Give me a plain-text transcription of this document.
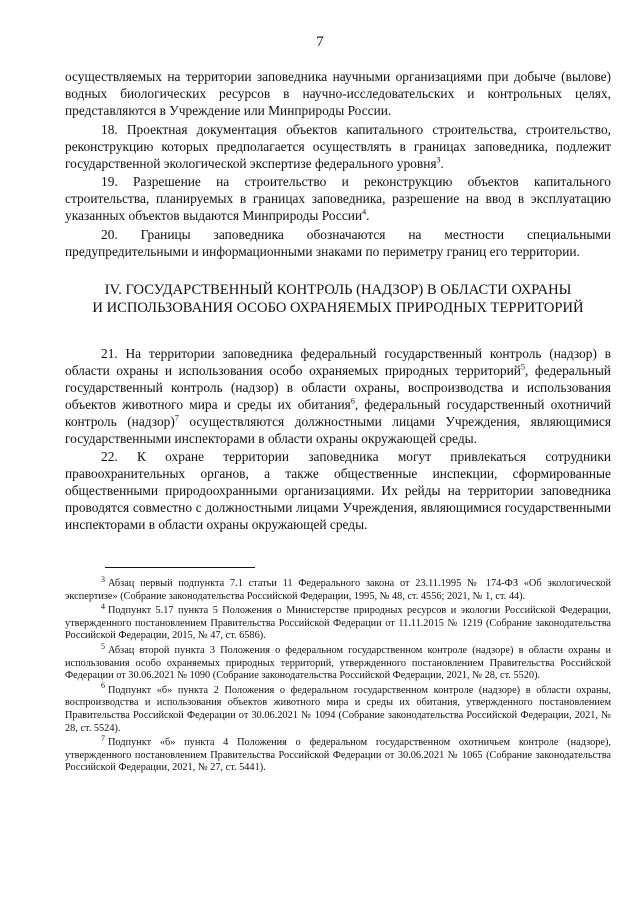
7

осуществляемых на территории заповедника научными организациями при добыче (вылове) водных биологических ресурсов в научно-исследовательских и контрольных целях, представляются в Учреждение или Минприроды России.

18. Проектная документация объектов капитального строительства, строительство, реконструкцию которых предполагается осуществлять в границах заповедника, подлежит государственной экологической экспертизе федерального уровня$^3$.

19. Разрешение на строительство и реконструкцию объектов капитального строительства, планируемых в границах заповедника, разрешение на ввод в эксплуатацию указанных объектов выдаются Минприроды России$^4$.

20. Границы заповедника обозначаются на местности специальными предупредительными и информационными знаками по периметру границ его территории.

IV. ГОСУДАРСТВЕННЫЙ КОНТРОЛЬ (НАДЗОР) В ОБЛАСТИ ОХРАНЫ
И ИСПОЛЬЗОВАНИЯ ОСОБО ОХРАНЯЕМЫХ ПРИРОДНЫХ ТЕРРИТОРИЙ

21. На территории заповедника федеральный государственный контроль (надзор) в области охраны и использования особо охраняемых природных территорий$^5$, федеральный государственный контроль (надзор) в области охраны, воспроизводства и использования объектов животного мира и среды их обитания$^6$, федеральный государственный охотничий контроль (надзор)$^7$ осуществляются должностными лицами Учреждения, являющимися государственными инспекторами в области охраны окружающей среды.

22. К охране территории заповедника могут привлекаться сотрудники правоохранительных органов, а также общественные инспекции, сформированные общественными природоохранными организациями. Их рейды на территории заповедника проводятся совместно с должностными лицами Учреждения, являющимися государственными инспекторами в области охраны окружающей среды.

$^3$ Абзац первый подпункта 7.1 статьи 11 Федерального закона от 23.11.1995 № 174-ФЗ «Об экологической экспертизе» (Собрание законодательства Российской Федерации, 1995, № 48, ст. 4556; 2021, № 1, ст. 44).

$^4$ Подпункт 5.17 пункта 5 Положения о Министерстве природных ресурсов и экологии Российской Федерации, утвержденного постановлением Правительства Российской Федерации от 11.11.2015 № 1219 (Собрание законодательства Российской Федерации, 2015, № 47, ст. 6586).

$^5$ Абзац второй пункта 3 Положения о федеральном государственном контроле (надзоре) в области охраны и использования особо охраняемых природных территорий, утвержденного постановлением Правительства Российской Федерации от 30.06.2021 № 1090 (Собрание законодательства Российской Федерации, 2021, № 28, ст. 5520).

$^6$ Подпункт «б» пункта 2 Положения о федеральном государственном контроле (надзоре) в области охраны, воспроизводства и использования объектов животного мира и среды их обитания, утвержденного постановлением Правительства Российской Федерации от 30.06.2021 № 1094 (Собрание законодательства Российской Федерации, 2021, № 28, ст. 5524).

$^7$ Подпункт «б» пункта 4 Положения о федеральном государственном охотничьем контроле (надзоре), утвержденного постановлением Правительства Российской Федерации от 30.06.2021 № 1065 (Собрание законодательства Российской Федерации, 2021, № 27, ст. 5441).
